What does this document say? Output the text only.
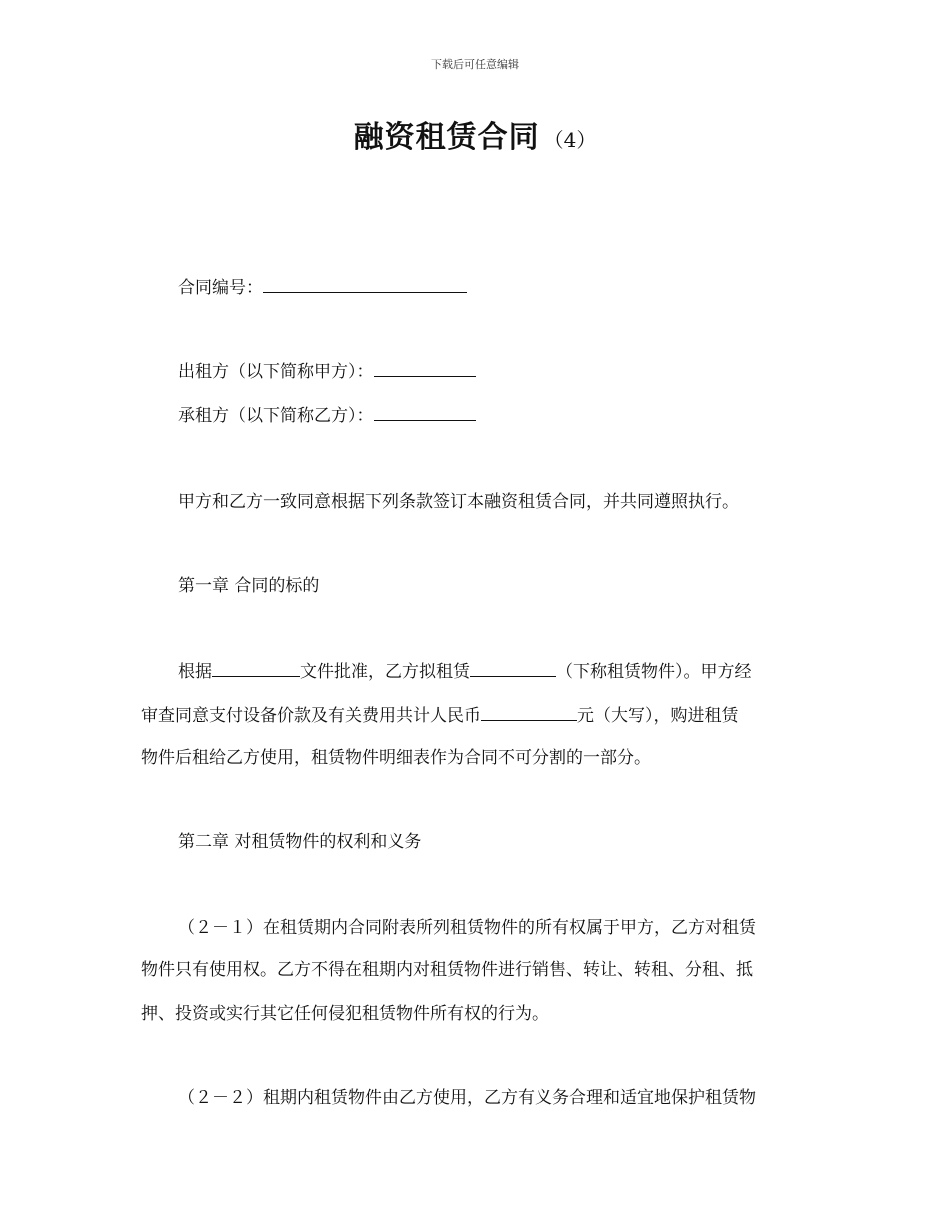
下载后可任意编辑
融资租赁合同 （4）
合同编号：
出租方（以下简称甲方）：
承租方（以下简称乙方）：
甲方和乙方一致同意根据下列条款签订本融资租赁合同，并共同遵照执行。
第一章 合同的标的
根据	文件批准，乙方拟租赁	（下称租赁物件）。甲方经
审查同意支付设备价款及有关费用共计人民币	元（大写），购进租赁
物件后租给乙方使用，租赁物件明细表作为合同不可分割的一部分。
第二章 对租赁物件的权利和义务
（２－１）在租赁期内合同附表所列租赁物件的所有权属于甲方，乙方对租赁
物件只有使用权。乙方不得在租期内对租赁物件进行销售、转让、转租、分租、抵
押、投资或实行其它任何侵犯租赁物件所有权的行为。
（２－２）租期内租赁物件由乙方使用，乙方有义务合理和适宜地保护租赁物
